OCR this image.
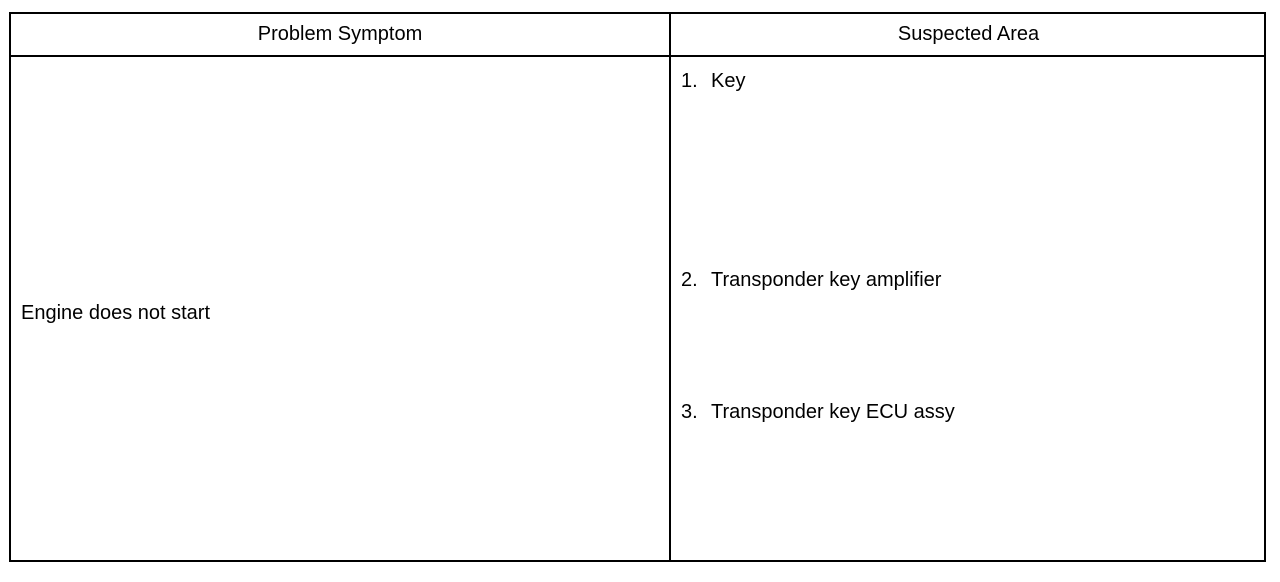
Problem Symptom	Suspected Area
Engine does not start
1. Key
2. Transponder key amplifier
3. Transponder key ECU assy
